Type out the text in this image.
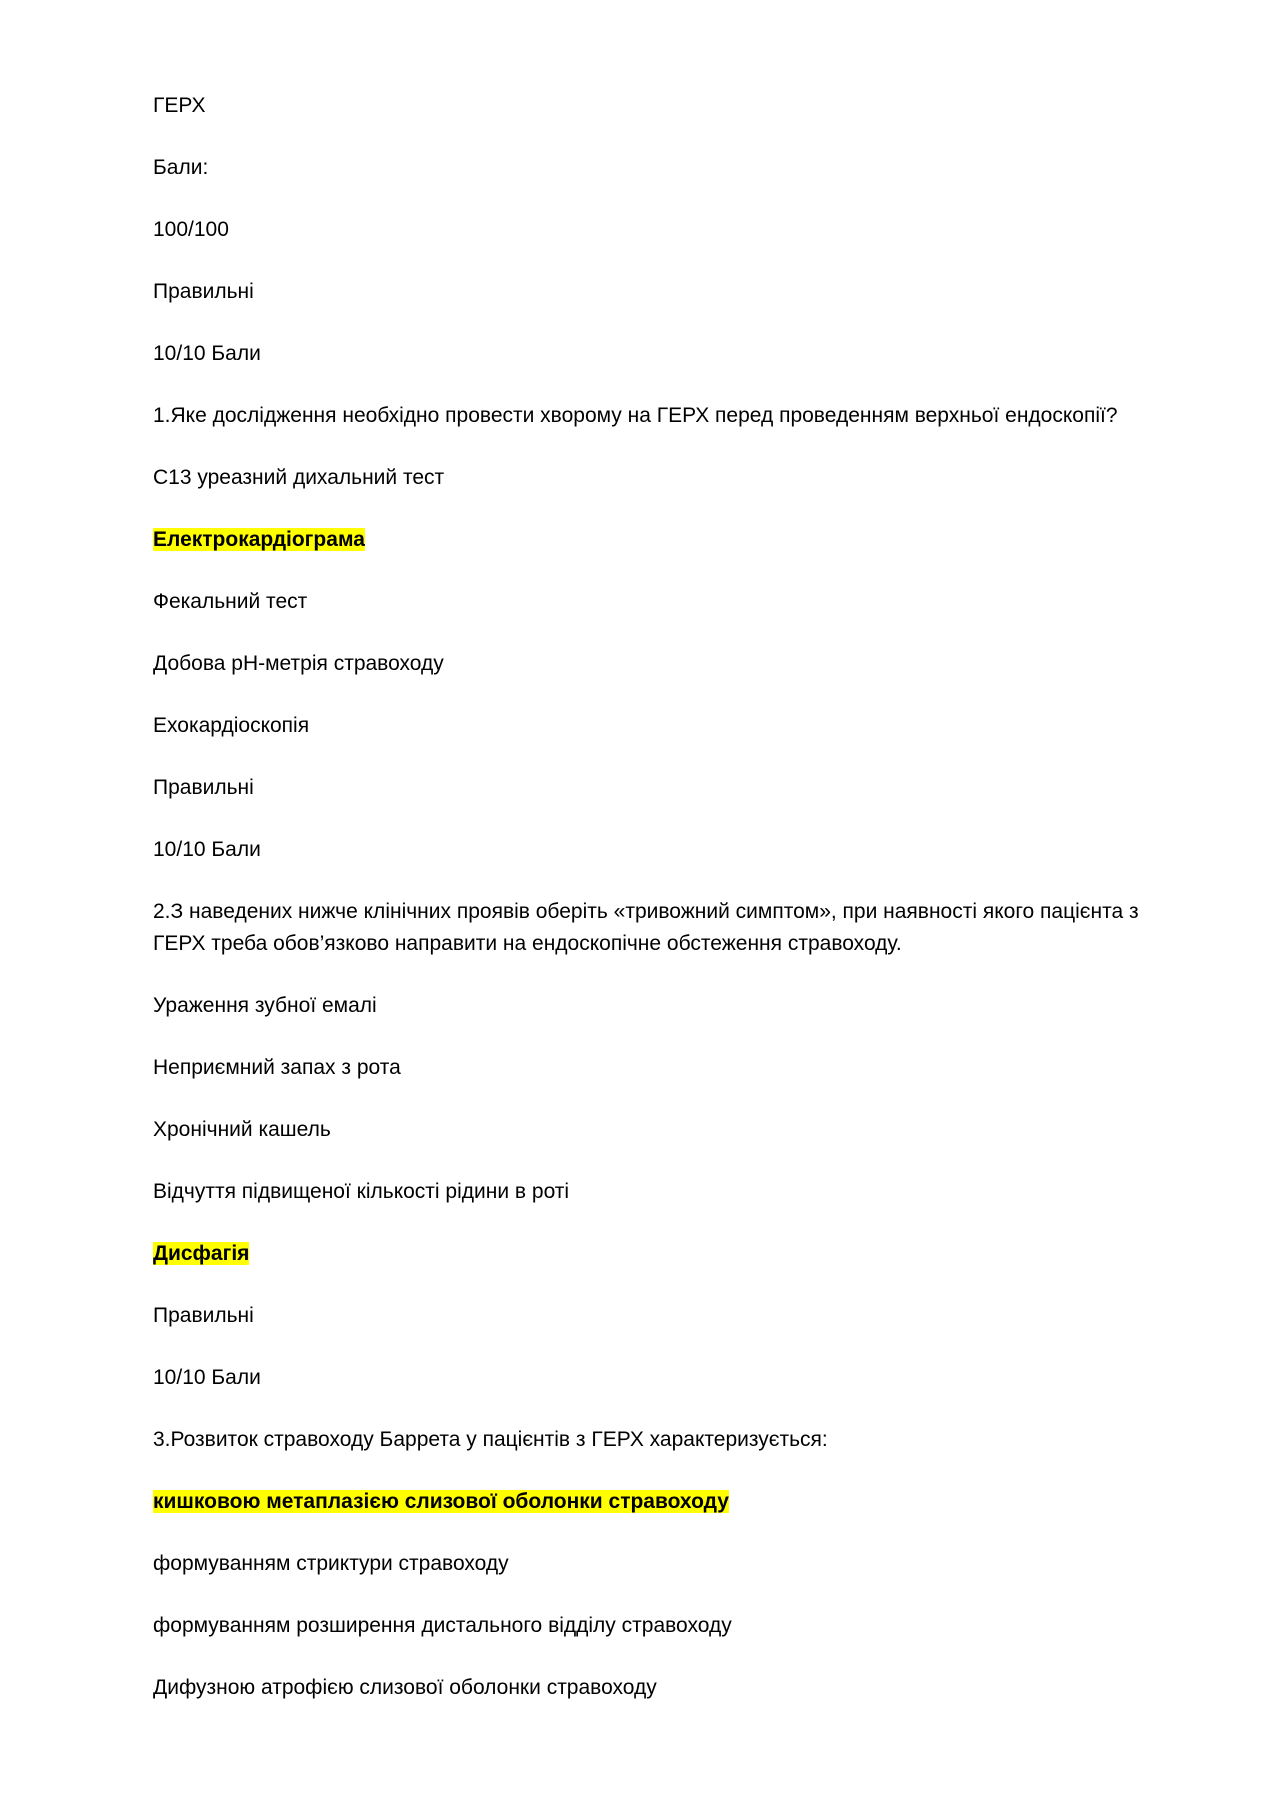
ГЕРХ

Бали:

100/100

Правильні

10/10 Бали

1.Яке дослідження необхідно провести хворому на ГЕРХ перед проведенням верхньої ендоскопії?

С13 уреазний дихальний тест

Електрокардіограма

Фекальний тест

Добова pH-метрія стравоходу

Ехокардіоскопія

Правильні

10/10 Бали

2.З наведених нижче клінічних проявів оберіть «тривожний симптом», при наявності якого пацієнта з ГЕРХ треба обов’язково направити на ендоскопічне обстеження стравоходу.

Ураження зубної емалі

Неприємний запах з рота

Хронічний кашель

Відчуття підвищеної кількості рідини в роті

Дисфагія

Правильні

10/10 Бали

3.Розвиток стравоходу Баррета у пацієнтів з ГЕРХ характеризується:

кишковою метаплазією слизової оболонки стравоходу

формуванням стриктури стравоходу

формуванням розширення дистального відділу стравоходу

Дифузною атрофією слизової оболонки стравоходу
